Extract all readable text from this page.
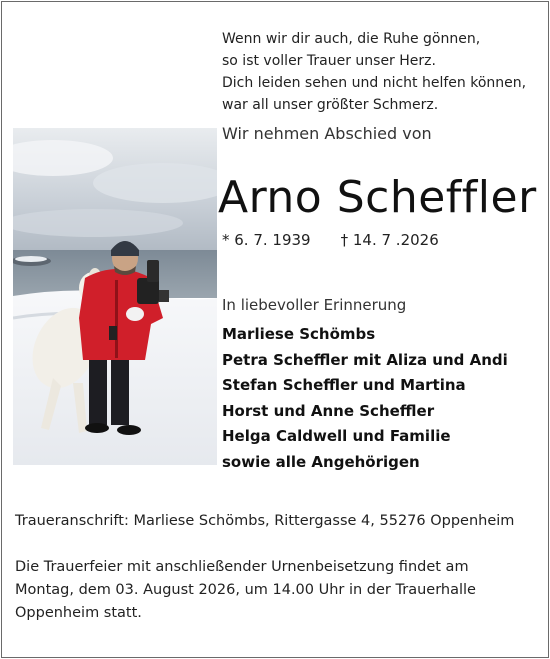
Wenn wir dir auch, die Ruhe gönnen,
so ist voller Trauer unser Herz.
Dich leiden sehen und nicht helfen können,
war all unser größter Schmerz.
Wir nehmen Abschied von
Arno Scheffler
* 6. 7. 1939 † 14. 7 .2026
In liebevoller Erinnerung
Marliese Schömbs
Petra Scheffler mit Aliza und Andi
Stefan Scheffler und Martina
Horst und Anne Scheffler
Helga Caldwell und Familie
sowie alle Angehörigen
Traueranschrift: Marliese Schömbs, Rittergasse 4, 55276 Oppenheim
Die Trauerfeier mit anschließender Urnenbeisetzung findet am
Montag, dem 03. August 2026, um 14.00 Uhr in der Trauerhalle
Oppenheim statt.
